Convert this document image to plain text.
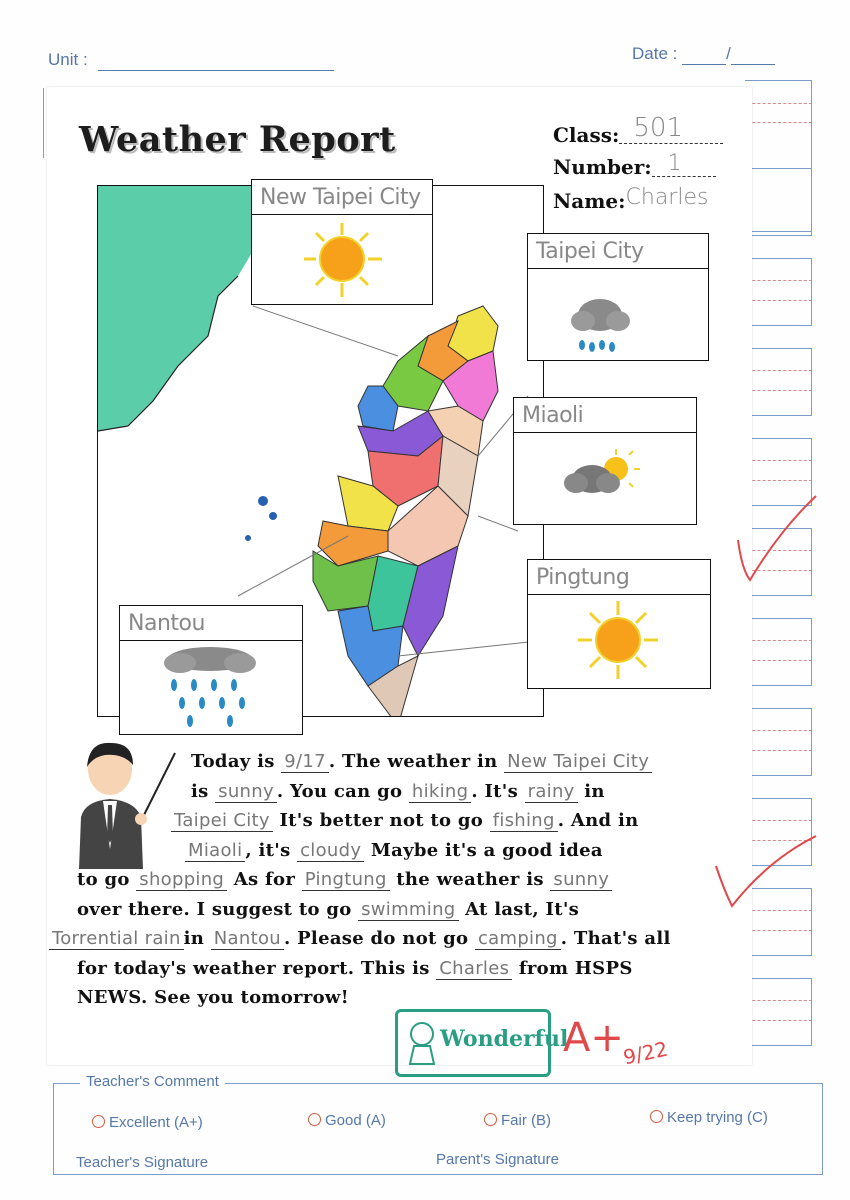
Unit :	Date :	/
Weather Report	Class: 501
Number: 1
Name:Charles
New Taipei City
Taipei City
Miaoli
Pingtung
Nantou
Today is 9/17 . The weather in New Taipei City
is sunny . You can go hiking . It's rainy in
Taipei City It's better not to go fishing . And in
Miaoli , it's cloudy Maybe it's a good idea
to go shopping As for Pingtung the weather is sunny
over there. I suggest to go swimming At last, It's
Torrential rain in Nantou . Please do not go camping . That's all
for today's weather report. This is Charles from HSPS
NEWS. See you tomorrow!
Wonderful
A+
9/22
Teacher's Comment
Excellent (A+)	Good (A)	Fair (B)	Keep trying (C)
Teacher's Signature	Parent's Signature
